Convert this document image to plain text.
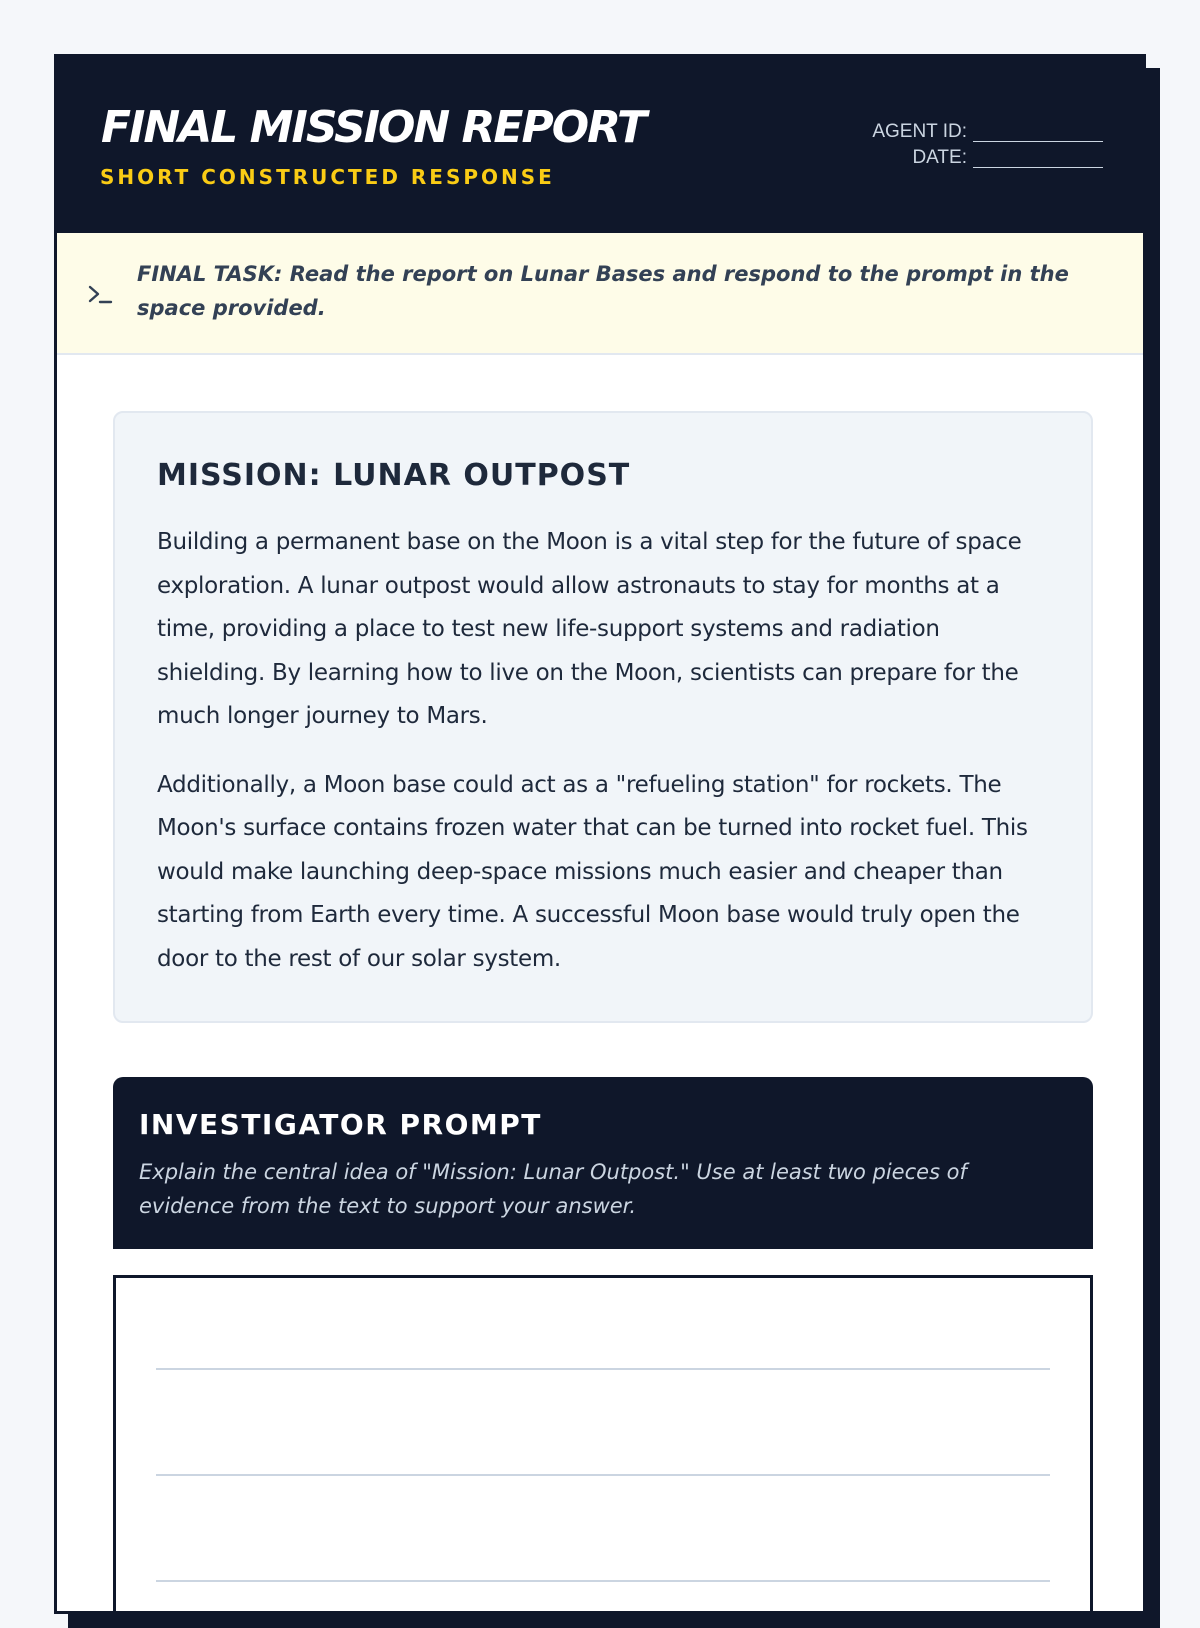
FINAL MISSION REPORT
SHORT CONSTRUCTED RESPONSE
AGENT ID:
DATE:

FINAL TASK: Read the report on Lunar Bases and respond to the prompt in the space provided.

MISSION: LUNAR OUTPOST

Building a permanent base on the Moon is a vital step for the future of space exploration. A lunar outpost would allow astronauts to stay for months at a time, providing a place to test new life-support systems and radiation shielding. By learning how to live on the Moon, scientists can prepare for the much longer journey to Mars.

Additionally, a Moon base could act as a "refueling station" for rockets. The Moon's surface contains frozen water that can be turned into rocket fuel. This would make launching deep-space missions much easier and cheaper than starting from Earth every time. A successful Moon base would truly open the door to the rest of our solar system.

INVESTIGATOR PROMPT

Explain the central idea of "Mission: Lunar Outpost." Use at least two pieces of evidence from the text to support your answer.
